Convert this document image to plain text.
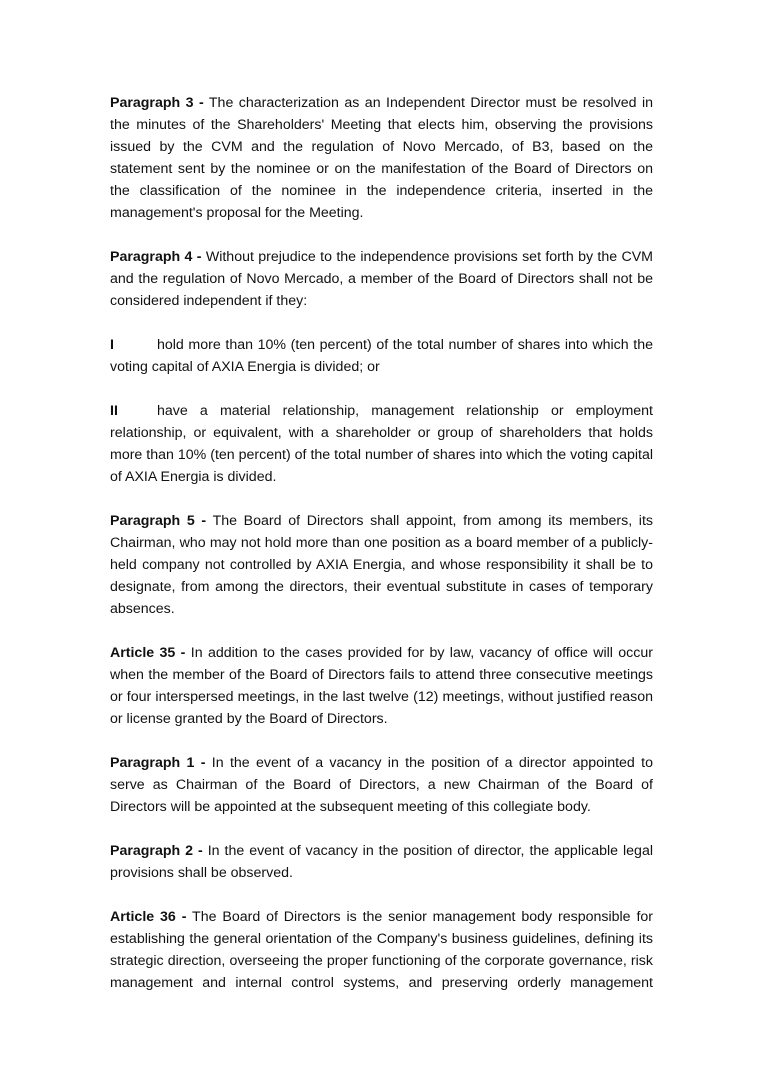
Paragraph 3 - The characterization as an Independent Director must be resolved in the minutes of the Shareholders' Meeting that elects him, observing the provisions issued by the CVM and the regulation of Novo Mercado, of B3, based on the statement sent by the nominee or on the manifestation of the Board of Directors on the classification of the nominee in the independence criteria, inserted in the management's proposal for the Meeting.

Paragraph 4 - Without prejudice to the independence provisions set forth by the CVM and the regulation of Novo Mercado, a member of the Board of Directors shall not be considered independent if they:

I	hold more than 10% (ten percent) of the total number of shares into which the voting capital of AXIA Energia is divided; or

II	have a material relationship, management relationship or employment relationship, or equivalent, with a shareholder or group of shareholders that holds more than 10% (ten percent) of the total number of shares into which the voting capital of AXIA Energia is divided.

Paragraph 5 - The Board of Directors shall appoint, from among its members, its Chairman, who may not hold more than one position as a board member of a publicly-held company not controlled by AXIA Energia, and whose responsibility it shall be to designate, from among the directors, their eventual substitute in cases of temporary absences.

Article 35 - In addition to the cases provided for by law, vacancy of office will occur when the member of the Board of Directors fails to attend three consecutive meetings or four interspersed meetings, in the last twelve (12) meetings, without justified reason or license granted by the Board of Directors.

Paragraph 1 - In the event of a vacancy in the position of a director appointed to serve as Chairman of the Board of Directors, a new Chairman of the Board of Directors will be appointed at the subsequent meeting of this collegiate body.

Paragraph 2 - In the event of vacancy in the position of director, the applicable legal provisions shall be observed.

Article 36 - The Board of Directors is the senior management body responsible for establishing the general orientation of the Company's business guidelines, defining its strategic direction, overseeing the proper functioning of the corporate governance, risk management and internal control systems, and preserving orderly management
